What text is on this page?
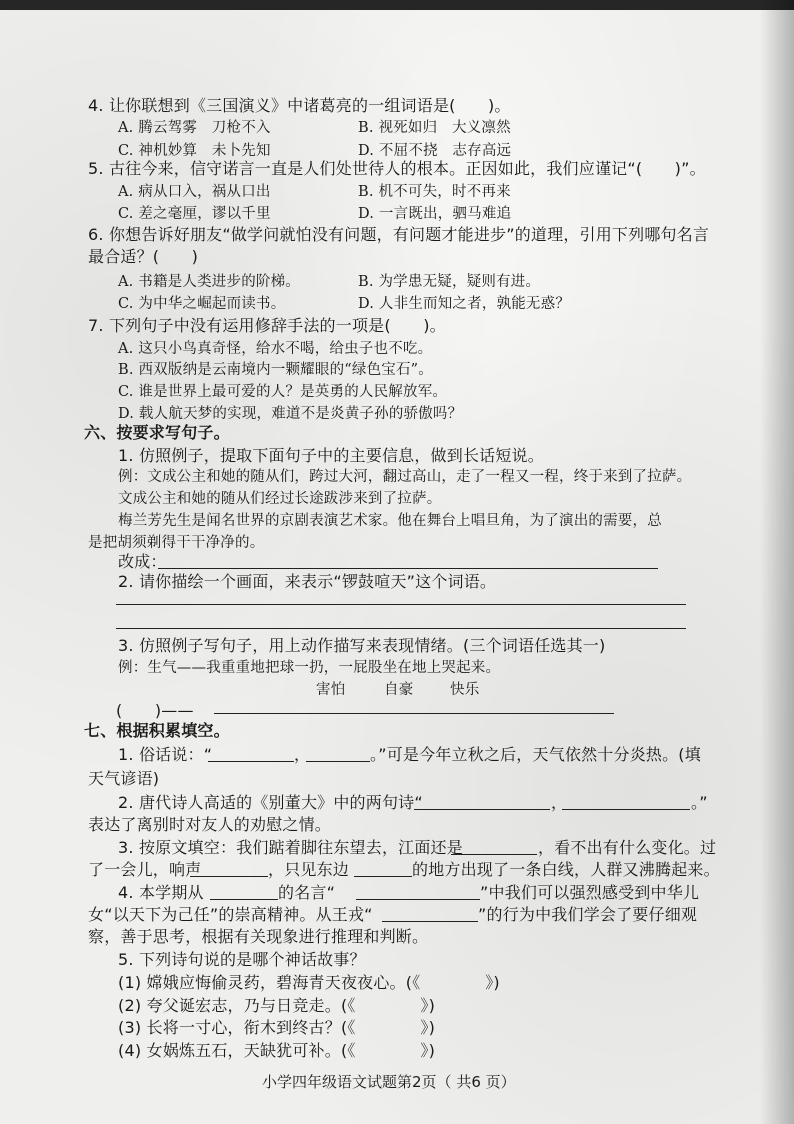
4. 让你联想到《三国演义》中诸葛亮的一组词语是(　　)。
A. 腾云驾雾　刀枪不入	B. 视死如归　大义凛然
C. 神机妙算　未卜先知	D. 不屈不挠　志存高远
5. 古往今来，信守诺言一直是人们处世待人的根本。正因如此，我们应谨记“(　　)”。
A. 病从口入，祸从口出	B. 机不可失，时不再来
C. 差之毫厘，谬以千里	D. 一言既出，驷马难追
6. 你想告诉好朋友“做学问就怕没有问题，有问题才能进步”的道理，引用下列哪句名言
最合适？(　　)
A. 书籍是人类进步的阶梯。	B. 为学患无疑，疑则有进。
C. 为中华之崛起而读书。	D. 人非生而知之者，孰能无惑？
7. 下列句子中没有运用修辞手法的一项是(　　)。
A. 这只小鸟真奇怪，给水不喝，给虫子也不吃。
B. 西双版纳是云南境内一颗耀眼的“绿色宝石”。
C. 谁是世界上最可爱的人？是英勇的人民解放军。
D. 载人航天梦的实现，难道不是炎黄子孙的骄傲吗？
六、按要求写句子。
1. 仿照例子，提取下面句子中的主要信息，做到长话短说。
例：文成公主和她的随从们，跨过大河，翻过高山，走了一程又一程，终于来到了拉萨。
文成公主和她的随从们经过长途跋涉来到了拉萨。
梅兰芳先生是闻名世界的京剧表演艺术家。他在舞台上唱旦角，为了演出的需要，总
是把胡须剃得干干净净的。
改成：
2. 请你描绘一个画面，来表示“锣鼓喧天”这个词语。
3. 仿照例子写句子，用上动作描写来表现情绪。(三个词语任选其一)
例：生气——我重重地把球一扔，一屁股坐在地上哭起来。
害怕	自豪	快乐
(　　)——
七、根据积累填空。
1. 俗话说：“	，	。”可是今年立秋之后，天气依然十分炎热。(填
天气谚语)
2. 唐代诗人高适的《别董大》中的两句诗“	，	。”
表达了离别时对友人的劝慰之情。
3. 按原文填空：我们踮着脚往东望去，江面还是	，看不出有什么变化。过
了一会儿，响声	，只见东边	的地方出现了一条白线，人群又沸腾起来。
4. 本学期从	的名言“	”中我们可以强烈感受到中华儿
女“以天下为己任”的崇高精神。从王戎“	”的行为中我们学会了要仔细观
察，善于思考，根据有关现象进行推理和判断。
5. 下列诗句说的是哪个神话故事？
(1) 嫦娥应悔偷灵药，碧海青天夜夜心。(《　　　　》)
(2) 夸父诞宏志，乃与日竞走。(《　　　　》)
(3) 长将一寸心，衔木到终古？(《　　　　》)
(4) 女娲炼五石，天缺犹可补。(《　　　　》)
小学四年级语文试题第2页（ 共6 页）
